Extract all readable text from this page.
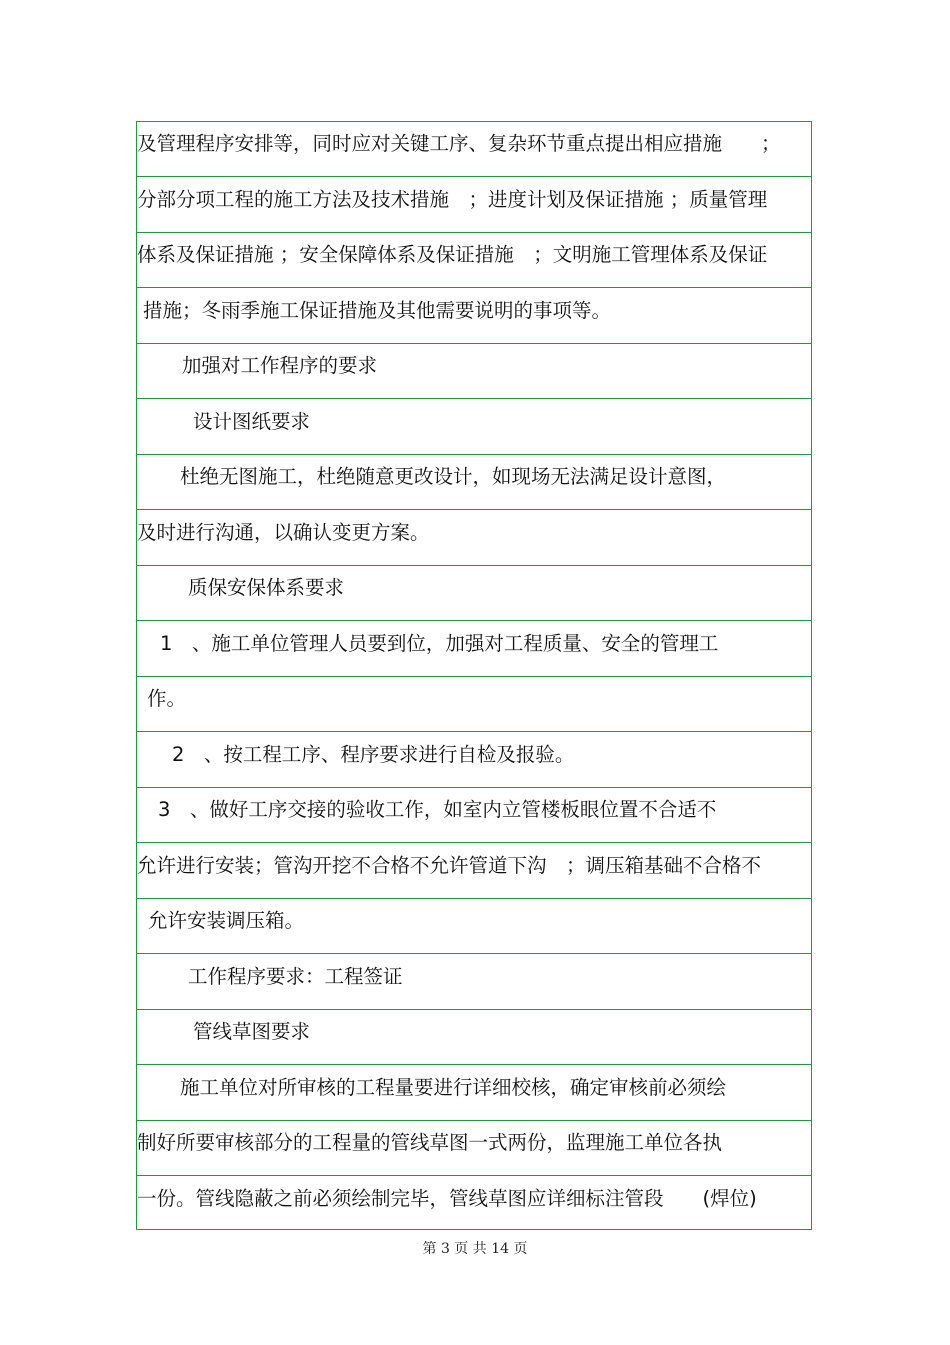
及管理程序安排等，同时应对关键工序、复杂环节重点提出相应措施　　；
分部分项工程的施工方法及技术措施　；进度计划及保证措施 ；质量管理
体系及保证措施 ；安全保障体系及保证措施　；文明施工管理体系及保证
措施；冬雨季施工保证措施及其他需要说明的事项等。
加强对工作程序的要求
设计图纸要求
杜绝无图施工，杜绝随意更改设计，如现场无法满足设计意图，
及时进行沟通，以确认变更方案。
质保安保体系要求
1　、施工单位管理人员要到位，加强对工程质量、安全的管理工
作。
2　、按工程工序、程序要求进行自检及报验。
3　、做好工序交接的验收工作，如室内立管楼板眼位置不合适不
允许进行安装；管沟开挖不合格不允许管道下沟　；调压箱基础不合格不
允许安装调压箱。
工作程序要求：工程签证
管线草图要求
施工单位对所审核的工程量要进行详细校核，确定审核前必须绘
制好所要审核部分的工程量的管线草图一式两份，监理施工单位各执
一份。管线隐蔽之前必须绘制完毕，管线草图应详细标注管段　　(焊位)
第 3 页 共 14 页
